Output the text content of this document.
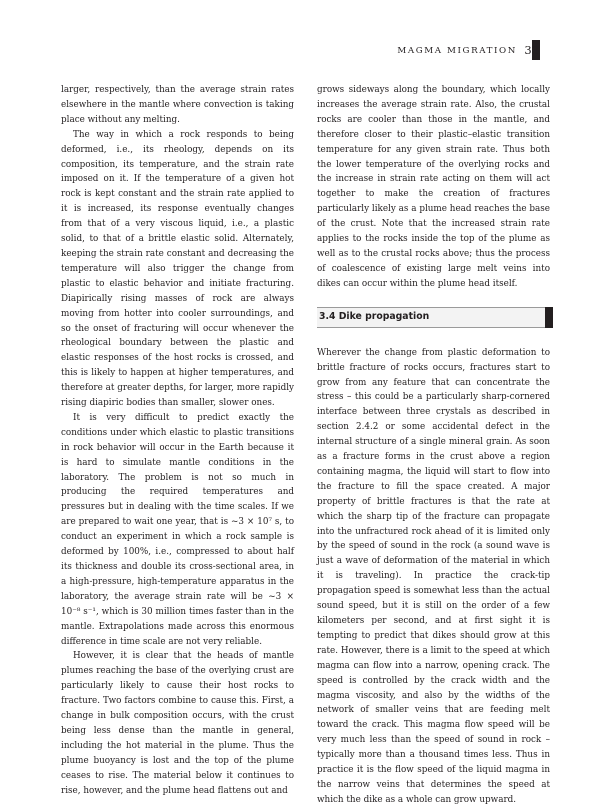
MAGMA MIGRATION 33

larger, respectively, than the average strain rates elsewhere in the mantle where convection is taking place without any melting.

The way in which a rock responds to being deformed, i.e., its rheology, depends on its composition, its temperature, and the strain rate imposed on it. If the temperature of a given hot rock is kept constant and the strain rate applied to it is increased, its response eventually changes from that of a very viscous liquid, i.e., a plastic solid, to that of a brittle elastic solid. Alternately, keeping the strain rate constant and decreasing the temperature will also trigger the change from plastic to elastic behavior and initiate fracturing. Diapirically rising masses of rock are always moving from hotter into cooler surroundings, and so the onset of fracturing will occur whenever the rheological boundary between the plastic and elastic responses of the host rocks is crossed, and this is likely to happen at higher temperatures, and therefore at greater depths, for larger, more rapidly rising diapiric bodies than smaller, slower ones.

It is very difficult to predict exactly the conditions under which elastic to plastic transitions in rock behavior will occur in the Earth because it is hard to simulate mantle conditions in the laboratory. The problem is not so much in producing the required temperatures and pressures but in dealing with the time scales. If we are prepared to wait one year, that is ~3 × 10⁷ s, to conduct an experiment in which a rock sample is deformed by 100%, i.e., compressed to about half its thickness and double its cross-sectional area, in a high-pressure, high-temperature apparatus in the laboratory, the average strain rate will be ~3 × 10⁻⁸ s⁻¹, which is 30 million times faster than in the mantle. Extrapolations made across this enormous difference in time scale are not very reliable.

However, it is clear that the heads of mantle plumes reaching the base of the overlying crust are particularly likely to cause their host rocks to fracture. Two factors combine to cause this. First, a change in bulk composition occurs, with the crust being less dense than the mantle in general, including the hot material in the plume. Thus the plume buoyancy is lost and the top of the plume ceases to rise. The material below it continues to rise, however, and the plume head flattens out and

grows sideways along the boundary, which locally increases the average strain rate. Also, the crustal rocks are cooler than those in the mantle, and therefore closer to their plastic–elastic transition temperature for any given strain rate. Thus both the lower temperature of the overlying rocks and the increase in strain rate acting on them will act together to make the creation of fractures particularly likely as a plume head reaches the base of the crust. Note that the increased strain rate applies to the rocks inside the top of the plume as well as to the crustal rocks above; thus the process of coalescence of existing large melt veins into dikes can occur within the plume head itself.

3.4 Dike propagation

Wherever the change from plastic deformation to brittle fracture of rocks occurs, fractures start to grow from any feature that can concentrate the stress – this could be a particularly sharp-cornered interface between three crystals as described in section 2.4.2 or some accidental defect in the internal structure of a single mineral grain. As soon as a fracture forms in the crust above a region containing magma, the liquid will start to flow into the fracture to fill the space created. A major property of brittle fractures is that the rate at which the sharp tip of the fracture can propagate into the unfractured rock ahead of it is limited only by the speed of sound in the rock (a sound wave is just a wave of deformation of the material in which it is traveling). In practice the crack-tip propagation speed is somewhat less than the actual sound speed, but it is still on the order of a few kilometers per second, and at first sight it is tempting to predict that dikes should grow at this rate. However, there is a limit to the speed at which magma can flow into a narrow, opening crack. The speed is controlled by the crack width and the magma viscosity, and also by the widths of the network of smaller veins that are feeding melt toward the crack. This magma flow speed will be very much less than the speed of sound in rock – typically more than a thousand times less. Thus in practice it is the flow speed of the liquid magma in the narrow veins that determines the speed at which the dike as a whole can grow upward.
